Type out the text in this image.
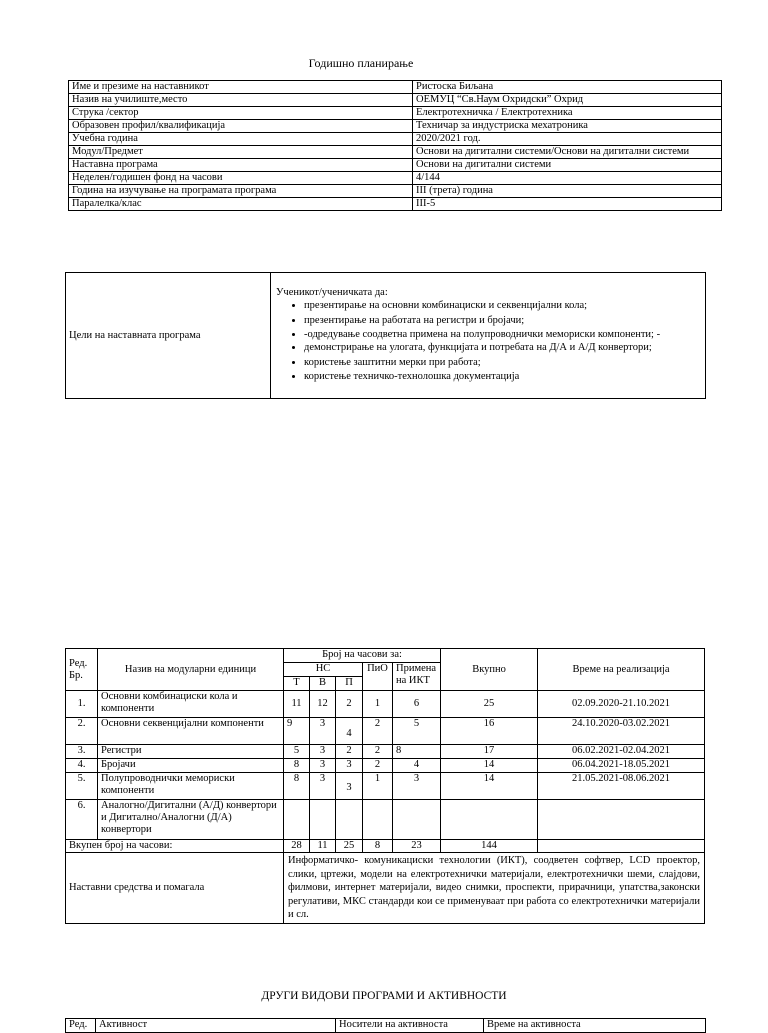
Годишно планирање
Име и презиме на наставникот	Ристоска Биљана
Назив на училиште,место	ОЕМУЦ “Св.Наум Охридски” Охрид
Струка /сектор	Електротехничка / Електротехника
Образовен профил/квалификација	Техничар за индустриска мехатроника
Учебна година	2020/2021 год.
Модул/Предмет	Основи на дигитални системи/Основи на дигитални системи
Наставна програма	Основи на дигитални системи
Неделен/годишен фонд на часови	4/144
Година на изучување на програмата програма	III (трета) година
Паралелка/клас	III-5
Цели на наставната програма	
Ученикот/ученичката да:
• презентирање на основни комбинациски и секвенцијални кола;
• презентирање на работата на регистри и бројачи;
• -одредување соодветна примена на полупроводнички мемориски компоненти; -
• демонстрирање на улогата, функцијата и потребата на Д/А и А/Д конвертори;
• користење заштитни мерки при работа;
• користење техничко-технолошка документација
Ред. Бр.	Назив на модуларни единици	Број на часови за:					Вкупно	Време на реализација
		НС			ПиО	Примена на ИКТ		
		Т	В	П				
1.	Основни комбинациски кола и компоненти	11	12	2	1	6	25	02.09.2020-21.10.2021
2.	Основни секвенцијални компоненти	9	3	4	2	5	16	24.10.2020-03.02.2021
3.	Регистри	5	3	2	2	8	17	06.02.2021-02.04.2021
4.	Бројачи	8	3	3	2	4	14	06.04.2021-18.05.2021
5.	Полупроводнички мемориски компоненти	8	3	3	1	3	14	21.05.2021-08.06.2021
6.	Аналогно/Дигитални (А/Д) конвертори и Дигитално/Аналогни (Д/А) конвертори							
Вкупен број на часови:		28	11	25	8	23	144	
Наставни средства и помагала		Информатичко- комуникациски технологии (ИКТ), соодветен софтвер, LCD проектор, слики, цртежи, модели на електротехнички материјали, електротехнички шеми, слајдови, филмови, интернет материјали, видео снимки, проспекти, прирачници, упатства,законски регулативи, МКС стандарди кои се применуваат при работа со електротехнички материјали и сл.						
ДРУГИ ВИДОВИ ПРОГРАМИ И АКТИВНОСТИ
Ред.	Активност	Носители на активноста	Време на активноста
